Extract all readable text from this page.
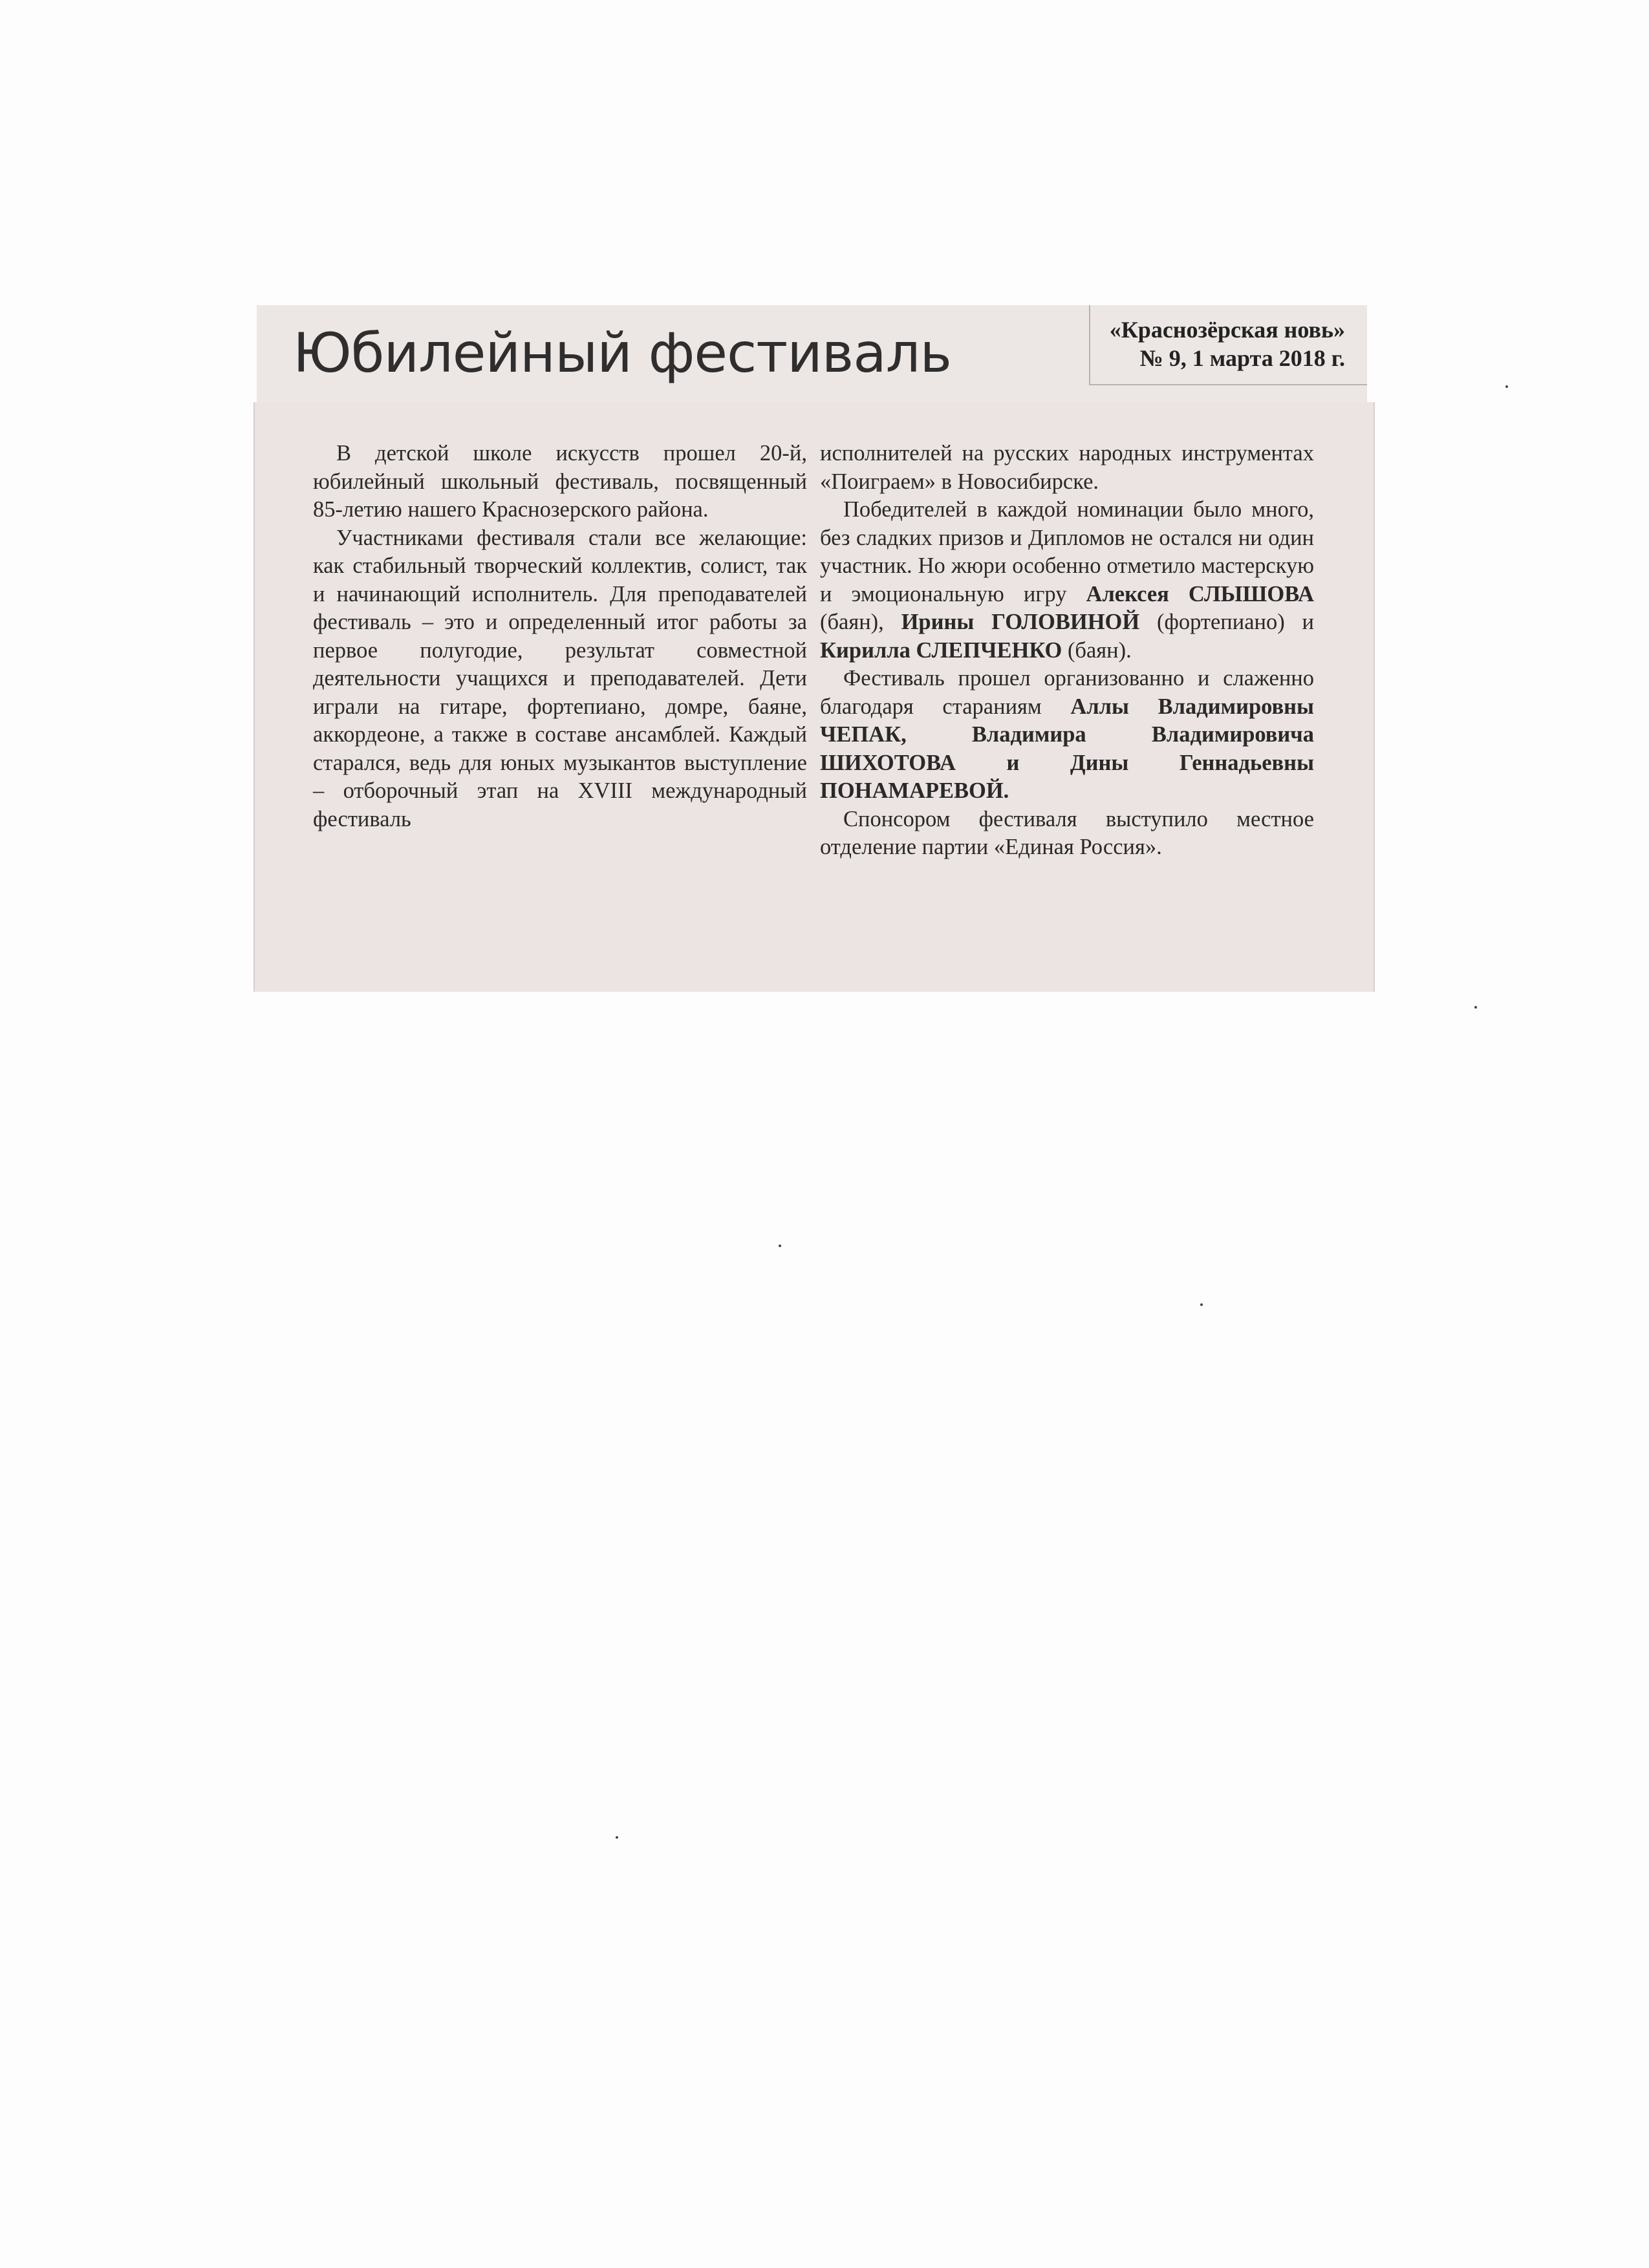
Юбилейный фестиваль	«Краснозёрская новь»
№ 9, 1 марта 2018 г.

В детской школе искусств прошел 20-й, юбилейный школьный фестиваль, посвященный 85-летию нашего Краснозерского района.

Участниками фестиваля стали все желающие: как стабильный творческий коллектив, солист, так и начинающий исполнитель. Для преподавателей фестиваль – это и определенный итог работы за первое полугодие, результат совместной деятельности учащихся и преподавателей. Дети играли на гитаре, фортепиано, домре, баяне, аккордеоне, а также в составе ансамблей. Каждый старался, ведь для юных музыкантов выступление – отборочный этап на XVIII международный фестиваль

исполнителей на русских народных инструментах «Поиграем» в Новосибирске.

Победителей в каждой номинации было много, без сладких призов и Дипломов не остался ни один участник. Но жюри особенно отметило мастерскую и эмоциональную игру Алексея СЛЫШОВА (баян), Ирины ГОЛОВИНОЙ (фортепиано) и Кирилла СЛЕПЧЕНКО (баян).

Фестиваль прошел организованно и слаженно благодаря стараниям Аллы Владимировны ЧЕПАК, Владимира Владимировича ШИХОТОВА и Дины Геннадьевны ПОНАМАРЕВОЙ.

Спонсором фестиваля выступило местное отделение партии «Единая Россия».
